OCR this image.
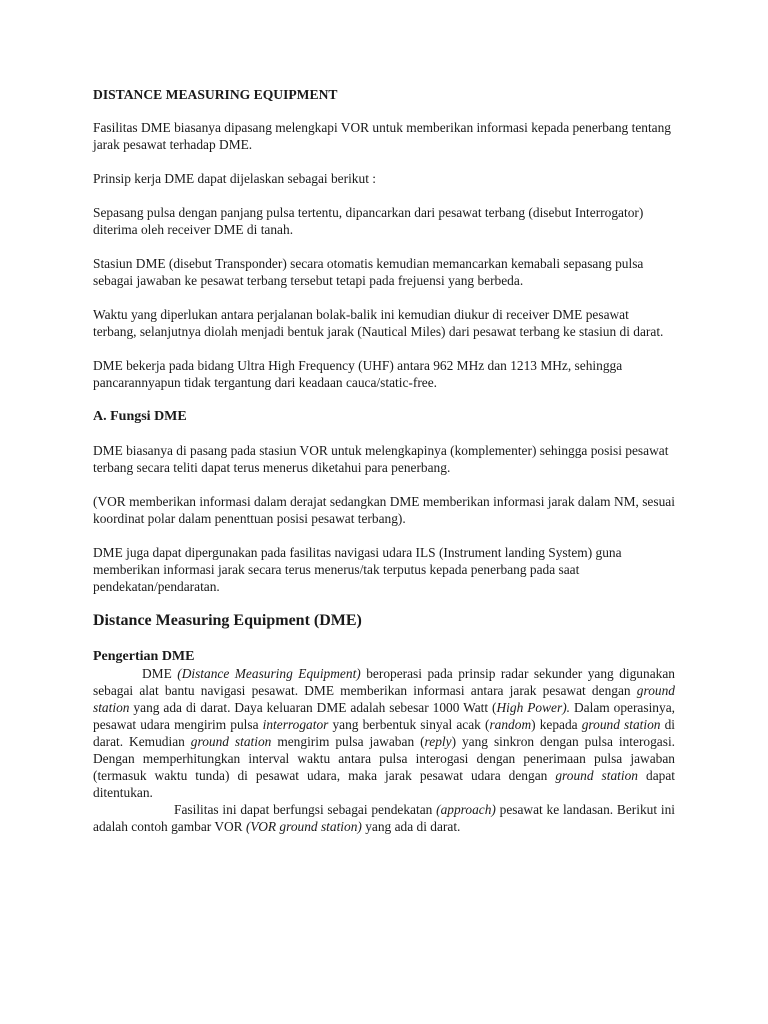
DISTANCE MEASURING EQUIPMENT

Fasilitas DME biasanya dipasang melengkapi VOR untuk memberikan informasi kepada penerbang tentang jarak pesawat terhadap DME.

Prinsip kerja DME dapat dijelaskan sebagai berikut :

Sepasang pulsa dengan panjang pulsa tertentu, dipancarkan dari pesawat terbang (disebut Interrogator) diterima oleh receiver DME di tanah.

Stasiun DME (disebut Transponder) secara otomatis kemudian memancarkan kemabali sepasang pulsa sebagai jawaban ke pesawat terbang tersebut tetapi pada frejuensi yang berbeda.

Waktu yang diperlukan antara perjalanan bolak-balik ini kemudian diukur di receiver DME pesawat terbang, selanjutnya diolah menjadi bentuk jarak (Nautical Miles) dari pesawat terbang ke stasiun di darat.

DME bekerja pada bidang Ultra High Frequency (UHF) antara 962 MHz dan 1213 MHz, sehingga pancarannyapun tidak tergantung dari keadaan cauca/static-free.

A. Fungsi DME

DME biasanya di pasang pada stasiun VOR untuk melengkapinya (komplementer) sehingga posisi pesawat terbang secara teliti dapat terus menerus diketahui para penerbang.

(VOR memberikan informasi dalam derajat sedangkan DME memberikan informasi jarak dalam NM, sesuai koordinat polar dalam penenttuan posisi pesawat terbang).

DME juga dapat dipergunakan pada fasilitas navigasi udara ILS (Instrument landing System) guna memberikan informasi jarak secara terus menerus/tak terputus kepada penerbang pada saat pendekatan/pendaratan.

Distance Measuring Equipment (DME)
Pengertian DME

DME (Distance Measuring Equipment) beroperasi pada prinsip radar sekunder yang digunakan sebagai alat bantu navigasi pesawat. DME memberikan informasi antara jarak pesawat dengan ground station yang ada di darat. Daya keluaran DME adalah sebesar 1000 Watt (High Power). Dalam operasinya, pesawat udara mengirim pulsa interrogator yang berbentuk sinyal acak (random) kepada ground station di darat. Kemudian ground station mengirim pulsa jawaban (reply) yang sinkron dengan pulsa interogasi. Dengan memperhitungkan interval waktu antara pulsa interogasi dengan penerimaan pulsa jawaban (termasuk waktu tunda) di pesawat udara, maka jarak pesawat udara dengan ground station dapat ditentukan.

Fasilitas ini dapat berfungsi sebagai pendekatan (approach) pesawat ke landasan. Berikut ini adalah contoh gambar VOR (VOR ground station) yang ada di darat.
